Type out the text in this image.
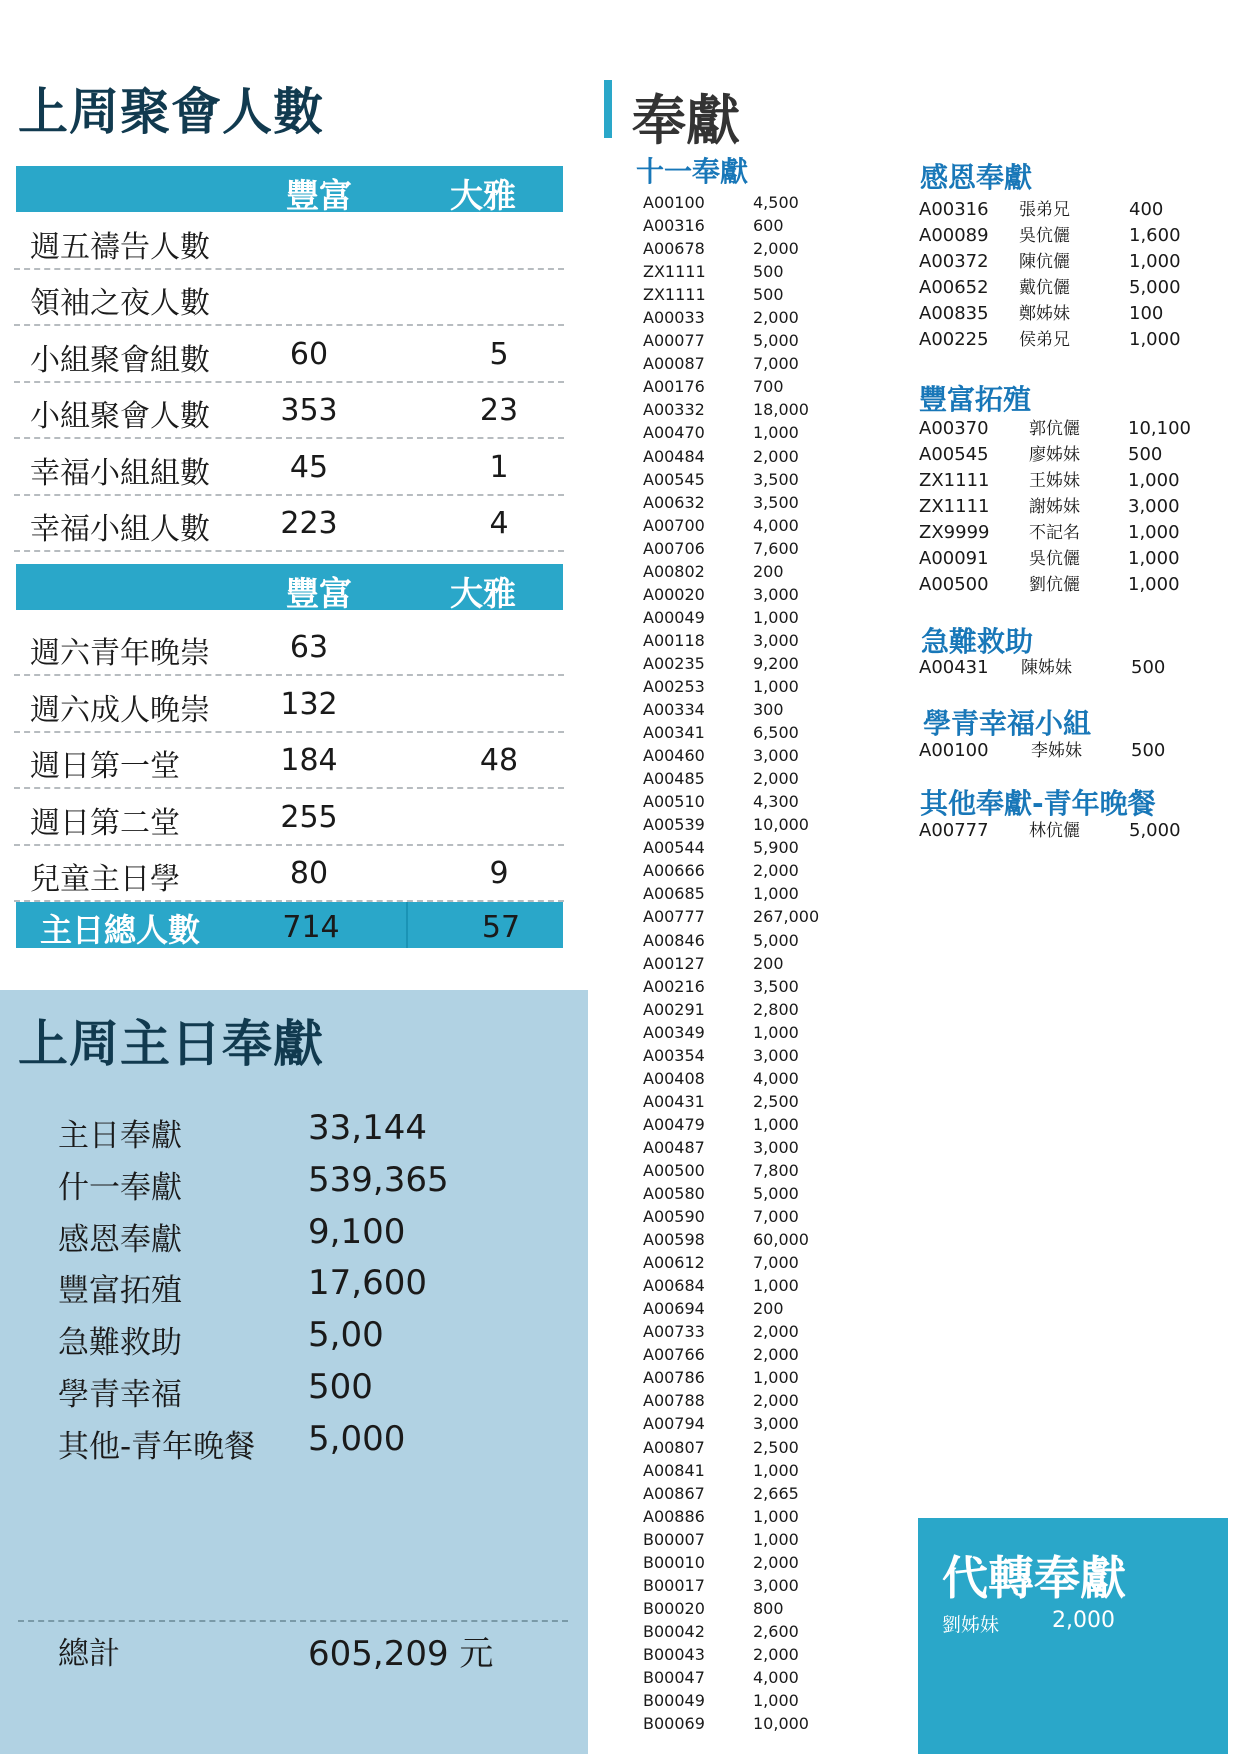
上周聚會人數
豐富	大雅
週五禱告人數
領袖之夜人數
小組聚會組數	60	5
小組聚會人數	353	23
幸福小組組數	45	1
幸福小組人數	223	4
豐富	大雅
週六青年晚崇	63
週六成人晚崇	132
週日第一堂	184	48
週日第二堂	255
兒童主日學	80	9
主日總人數	714	57
上周主日奉獻
主日奉獻	33,144
什一奉獻	539,365
感恩奉獻	9,100
豐富拓殖	17,600
急難救助	5,00
學青幸福	500
其他-青年晚餐 5,000
總計	605,209 元
奉獻
十一奉獻
A00100	4,500
A00316	600
A00678	2,000
ZX1111	500
ZX1111	500
A00033	2,000
A00077	5,000
A00087	7,000
A00176	700
A00332	18,000
A00470	1,000
A00484	2,000
A00545	3,500
A00632	3,500
A00700	4,000
A00706	7,600
A00802	200
A00020	3,000
A00049	1,000
A00118	3,000
A00235	9,200
A00253	1,000
A00334	300
A00341	6,500
A00460	3,000
A00485	2,000
A00510	4,300
A00539	10,000
A00544	5,900
A00666	2,000
A00685	1,000
A00777	267,000
A00846	5,000
A00127	200
A00216	3,500
A00291	2,800
A00349	1,000
A00354	3,000
A00408	4,000
A00431	2,500
A00479	1,000
A00487	3,000
A00500	7,800
A00580	5,000
A00590	7,000
A00598	60,000
A00612	7,000
A00684	1,000
A00694	200
A00733	2,000
A00766	2,000
A00786	1,000
A00788	2,000
A00794	3,000
A00807	2,500
A00841	1,000
A00867	2,665
A00886	1,000
B00007	1,000
B00010	2,000
B00017	3,000
B00020	800
B00042	2,600
B00043	2,000
B00047	4,000
B00049	1,000
B00069	10,000
感恩奉獻
A00316 張弟兄	400
A00089 吳伉儷	1,600
A00372 陳伉儷	1,000
A00652 戴伉儷	5,000
A00835 鄭姊妹	100
A00225 侯弟兄	1,000
豐富拓殖
A00370 郭伉儷	10,100
A00545 廖姊妹	500
ZX1111 王姊妹	1,000
ZX1111 謝姊妹	3,000
ZX9999 不記名	1,000
A00091 吳伉儷	1,000
A00500 劉伉儷	1,000
急難救助
A00431 陳姊妹	500
學青幸福小組
A00100 李姊妹	500
其他奉獻-青年晚餐
A00777 林伉儷	5,000
代轉奉獻
劉姊妹 2,000
